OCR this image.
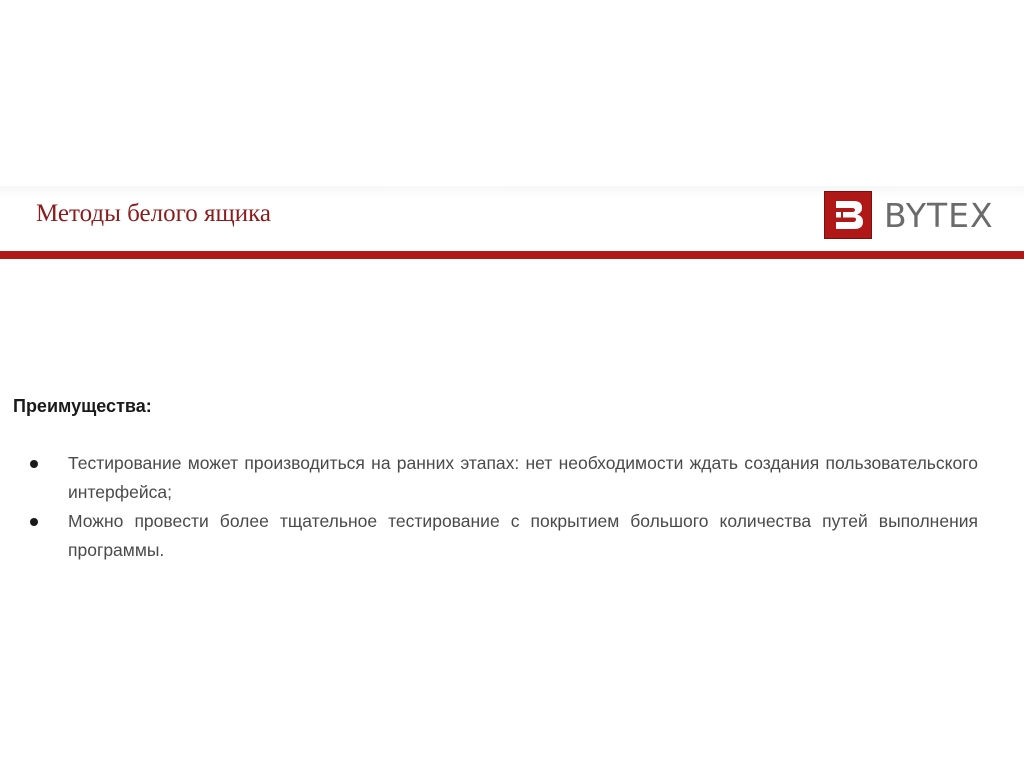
Методы белого ящика	BYTEX
Преимущества:
Тестирование может производиться на ранних этапах: нет необходимости ждать создания пользовательского интерфейса;
Можно провести более тщательное тестирование с покрытием большого количества путей выполнения программы.
